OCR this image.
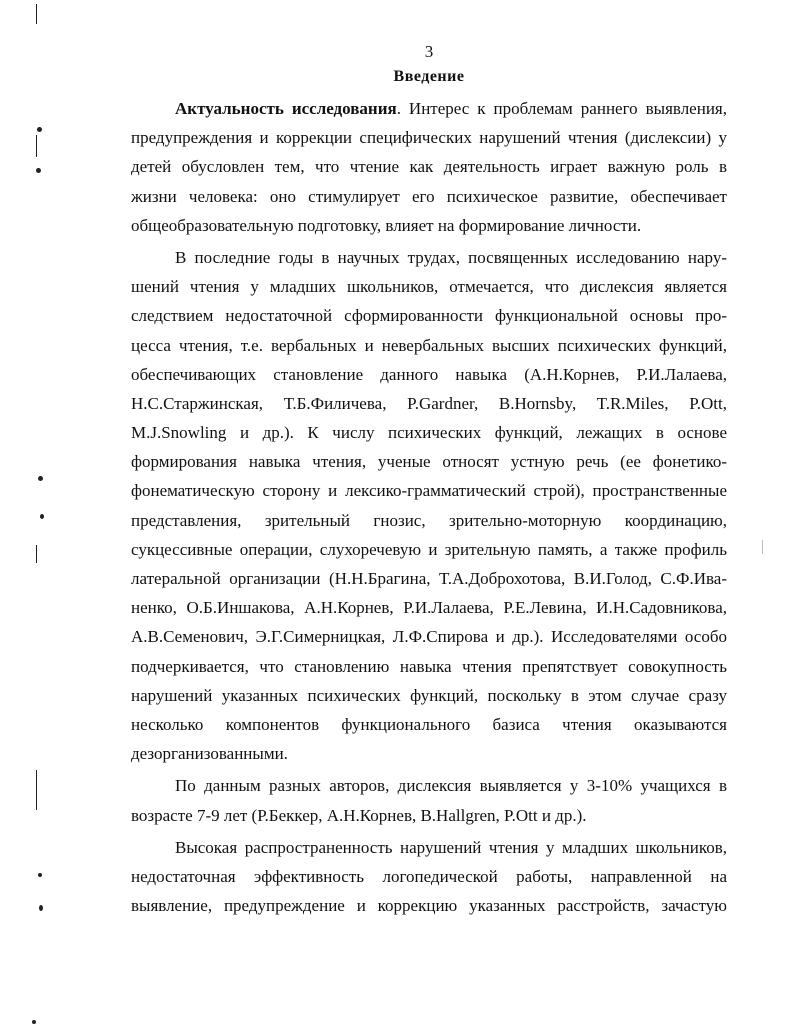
3
Введение
Актуальность исследования. Интерес к проблемам раннего выявления,
предупреждения и коррекции специфических нарушений чтения (дислексии) у
детей обусловлен тем, что чтение как деятельность играет важную роль в
жизни человека: оно стимулирует его психическое развитие, обеспечивает
общеобразовательную подготовку, влияет на формирование личности.
В последние годы в научных трудах, посвященных исследованию нару-
шений чтения у младших школьников, отмечается, что дислексия является
следствием недостаточной сформированности функциональной основы про-
цесса чтения, т.е. вербальных и невербальных высших психических функций,
обеспечивающих становление данного навыка (А.Н.Корнев, Р.И.Лалаева,
Н.С.Старжинская, Т.Б.Филичева, P.Gardner, B.Hornsby, T.R.Miles, P.Ott,
M.J.Snowling и др.). К числу психических функций, лежащих в основе
формирования навыка чтения, ученые относят устную речь (ее фонетико-
фонематическую сторону и лексико-грамматический строй), пространственные
представления, зрительный гнозис, зрительно-моторную координацию,
сукцессивные операции, слухоречевую и зрительную память, а также профиль
латеральной организации (Н.Н.Брагина, Т.А.Доброхотова, В.И.Голод, С.Ф.Ива-
ненко, О.Б.Иншакова, А.Н.Корнев, Р.И.Лалаева, Р.Е.Левина, И.Н.Садовникова,
А.В.Семенович, Э.Г.Симерницкая, Л.Ф.Спирова и др.). Исследователями особо
подчеркивается, что становлению навыка чтения препятствует совокупность
нарушений указанных психических функций, поскольку в этом случае сразу
несколько компонентов функционального базиса чтения оказываются
дезорганизованными.
По данным разных авторов, дислексия выявляется у 3-10% учащихся в
возрасте 7-9 лет (Р.Беккер, А.Н.Корнев, B.Hallgren, P.Ott и др.).
Высокая распространенность нарушений чтения у младших школьников,
недостаточная эффективность логопедической работы, направленной на
выявление, предупреждение и коррекцию указанных расстройств, зачастую
